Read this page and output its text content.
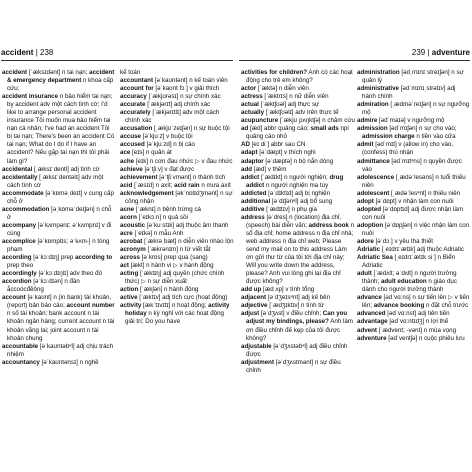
accident | 238	239 | adventure

accident [ˈæksɪdənt] n tai nạn; accident & emergency department n khoa cấp cứu;

accident insurance n bảo hiểm tai nạn; by accident adv một cách tình cờ; I'd like to arrange personal accident insurance Tôi muốn mua bảo hiểm tai nạn cá nhân; I've had an accident Tôi bị tai nạn; There's been an accident Có tai nạn; What do I do if I have an accident? Nếu gặp tai nạn thì tôi phải làm gì?

accidental [ˌæksɪˈdentl] adj tình cờ

accidentally [ˌæksɪˈdentəlɪ] adv một cách tình cờ

accommodate [əˈkɒməˌdeɪt] v cung cấp chỗ ở

accommodation [əˌkɒməˈdeɪʃən] n chỗ ở

accompany [əˈkʌmpənɪ; əˈkʌmpnɪ] v đi cùng

accomplice [əˈkɒmplɪs; əˈkʌm-] n tòng phạm

according [əˈkɔːdɪŋ] prep according to prep theo

accordingly [əˈkɔːdɪŋlɪ] adv theo đó

accordion [əˈkɔːdɪən] n đàn ắccoócđêông

account [əˈkaʊnt] n (in bank) tài khoản, (report) bản báo cáo; account number n số tài khoản; bank account n tài khoản ngân hàng; current account n tài khoản vãng lai; joint account n tài khoản chung

accountable [əˈkaʊntəbᵊl] adj chịu trách nhiệm

accountancy [əˈkaʊntənsɪ] n nghề

kế toán

accountant [əˈkaʊntənt] n kế toán viên

account for [əˈkaʊnt fɔː] v giải thích

accuracy [ˈækjʊrəsɪ] n sự chính xác

accurate [ˈækjərɪt] adj chính xác

accurately [ˈækjərɪtlɪ] adv một cách chính xác

accusation [ˌækjʊˈzeɪʃən] n sự buộc tội

accuse [əˈkjuːz] v buộc tội

accused [əˈkjuːzd] n bị cáo

ace [eɪs] n quân át

ache [eɪk] n cơn đau nhức ▷ v đau nhức

achieve [əˈtʃiːv] v đạt được

achievement [əˈtʃiːvmənt] n thành tích

acid [ˈæsɪd] n axít; acid rain n mưa axít

acknowledgement [əkˈnɒlɪdʒmənt] n sự công nhận

acne [ˈæknɪ] n bệnh trứng cá

acorn [ˈeɪkɔːn] n quả sồi

acoustic [əˈkuːstɪk] adj thuộc âm thanh

acre [ˈeɪkə] n mẫu Anh

acrobat [ˈækrəˌbæt] n diễn viên nhào lộn

acronym [ˈækrənɪm] n từ viết tắt

across [əˈkrɒs] prep qua (sang)

act [ækt] n hành vi ▷ v hành động

acting [ˈæktɪŋ] adj quyền (chức chính thức) ▷ n sự diễn xuất

action [ˈækʃən] n hành động

active [ˈæktɪv] adj tích cực (hoạt động)

activity [ækˈtɪvɪtɪ] n hoạt động; activity holiday n kỳ nghỉ với các hoạt động giải trí; Do you have

activities for children? Anh có các hoạt động cho trẻ em không?

actor [ˈæktə] n diễn viên

actress [ˈæktrɪs] n nữ diễn viên

actual [ˈæktʃʊəl] adj thực sự

actually [ˈæktʃʊəlɪ] adv trên thực tế

acupuncture [ˈækjʊˌpʌŋktʃə] n châm cứu

ad [æd] abbr quảng cáo; small ads npl quảng cáo nhỏ

AD [eɪ diː] abbr sau CN

adapt [əˈdæpt] v thích nghi

adaptor [əˈdæptə] n bộ nắn dòng

add [æd] v thêm

addict [ˈædɪkt] n người nghiện; drug addict n người nghiện ma túy

addicted [əˈdɪktɪd] adj bị nghiện

additional [əˈdɪʃənᵊl] adj bổ sung

additive [ˈædɪtɪv] n phụ gia

address [əˈdres] n (location) địa chỉ, (speech) bài diễn văn; address book n sổ địa chỉ; home address n địa chỉ nhà; web address n địa chỉ web; Please send my mail on to this address Làm ơn gửi thư từ của tôi tới địa chỉ này; Will you write down the address, please? Anh vui lòng ghi lại địa chỉ được không?

add up [æd ʌp] v tính tổng

adjacent [əˈdʒeɪsᵊnt] adj kế bên

adjective [ˈædʒɪktɪv] n tính từ

adjust [əˈdʒʌst] v điều chỉnh; Can you adjust my bindings, please? Anh làm ơn điều chỉnh đế kẹp của tôi được không?

adjustable [əˈdʒʌstəbᵊl] adj điều chỉnh được

adjustment [əˈdʒʌstmənt] n sự điều chỉnh

administration [ədˌmɪnɪˈstreɪʃən] n sự quản lý

administrative [ədˈmɪnɪˌstrətɪv] adj hành chính

admiration [ˌædməˈreɪʃən] n sự ngưỡng mộ

admire [ədˈmaɪə] v ngưỡng mộ

admission [ədˈmɪʃən] n sự cho vào; admission charge n tiền vào cửa

admit [ədˈmɪt] v (allow in) cho vào, (confess) thú nhận

admittance [ədˈmɪtᵊns] n quyền được vào

adolescence [ˌædəˈlesəns] n tuổi thiếu niên

adolescent [ˌædəˈlesᵊnt] n thiếu niên

adopt [əˈdɒpt] v nhận làm con nuôi

adopted [əˈdɒptɪd] adj được nhận làm con nuôi

adoption [əˈdɒpʃən] n việc nhận làm con nuôi

adore [əˈdɔː] v yêu tha thiết

Adriatic [ˌeɪdrɪˈætɪk] adj thuộc Adriatic

Adriatic Sea [ˌeɪdrɪˈætɪk siː] n Biển Adriatic

adult [ˈædʌlt; əˈdʌlt] n người trưởng thành; adult education n giáo dục dành cho người trưởng thành

advance [ədˈvɑːns] n sự tiến lên ▷ v tiến lên; advance booking n đặt chỗ trước

advanced [ədˈvɑːnst] adj tiên tiến

advantage [ədˈvɑːntɪdʒ] n lợi thế

advent [ˈædvent; -vənt] n mùa vọng

adventure [ədˈventʃə] n cuộc phiêu lưu
